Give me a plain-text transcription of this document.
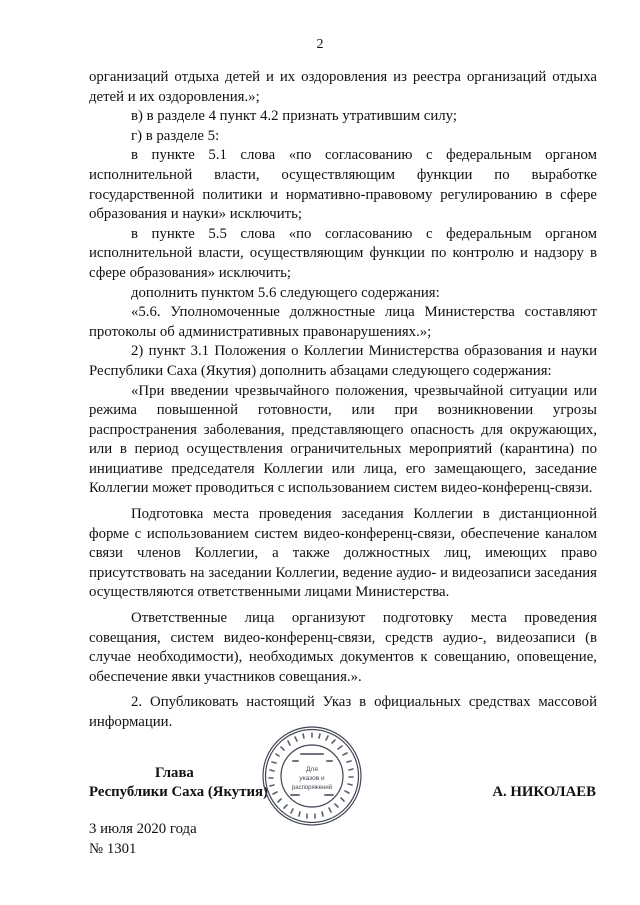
2

организаций отдыха детей и их оздоровления из реестра организаций отдыха детей и их оздоровления.»;

в) в разделе 4 пункт 4.2 признать утратившим силу;

г) в разделе 5:

в пункте 5.1 слова «по согласованию с федеральным органом исполнительной власти, осуществляющим функции по выработке государственной политики и нормативно-правовому регулированию в сфере образования и науки» исключить;

в пункте 5.5 слова «по согласованию с федеральным органом исполнительной власти, осуществляющим функции по контролю и надзору в сфере образования» исключить;

дополнить пунктом 5.6 следующего содержания:

«5.6. Уполномоченные должностные лица Министерства составляют протоколы об административных правонарушениях.»;

2) пункт 3.1 Положения о Коллегии Министерства образования и науки Республики Саха (Якутия) дополнить абзацами следующего содержания:

«При введении чрезвычайного положения, чрезвычайной ситуации или режима повышенной готовности, или при возникновении угрозы распространения заболевания, представляющего опасность для окружающих, или в период осуществления ограничительных мероприятий (карантина) по инициативе председателя Коллегии или лица, его замещающего, заседание Коллегии может проводиться с использованием систем видео-конференц-связи.

Подготовка места проведения заседания Коллегии в дистанционной форме с использованием систем видео-конференц-связи, обеспечение каналом связи членов Коллегии, а также должностных лиц, имеющих право присутствовать на заседании Коллегии, ведение аудио- и видеозаписи заседания осуществляются ответственными лицами Министерства.

Ответственные лица организуют подготовку места проведения совещания, систем видео-конференц-связи, средств аудио-, видеозаписи (в случае необходимости), необходимых документов к совещанию, оповещение, обеспечение явки участников совещания.».

2. Опубликовать настоящий Указ в официальных средствах массовой информации.

Глава
Республики Саха (Якутия)	А. НИКОЛАЕВ
Для
указов и
распоряжений
3 июля 2020 года
№ 1301
